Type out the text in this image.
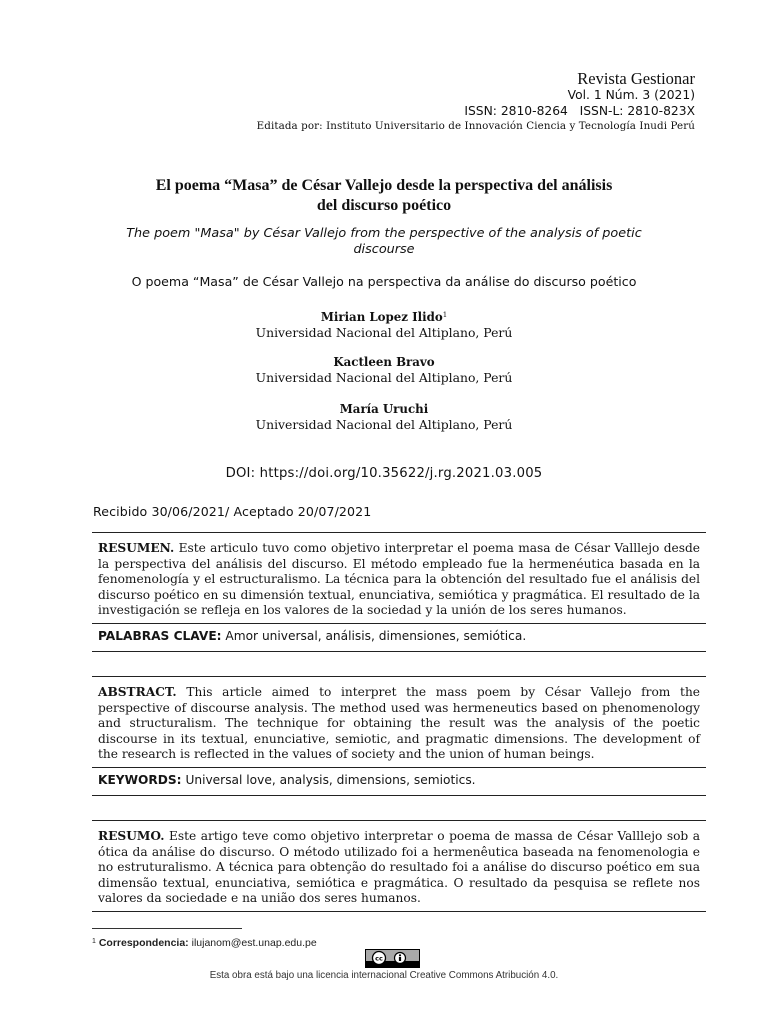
Revista Gestionar
Vol. 1 Núm. 3 (2021)
ISSN: 2810-8264   ISSN-L: 2810-823X
Editada por: Instituto Universitario de Innovación Ciencia y Tecnología Inudi Perú
El poema “Masa” de César Vallejo desde la perspectiva del análisis
del discurso poético
The poem "Masa" by César Vallejo from the perspective of the analysis of poetic
discourse
O poema “Masa” de César Vallejo na perspectiva da análise do discurso poético
Mirian Lopez Ilido$^1$
Universidad Nacional del Altiplano, Perú
Kactleen Bravo
Universidad Nacional del Altiplano, Perú
María Uruchi
Universidad Nacional del Altiplano, Perú
DOI: https://doi.org/10.35622/j.rg.2021.03.005
Recibido 30/06/2021/ Aceptado 20/07/2021

RESUMEN. Este articulo tuvo como objetivo interpretar el poema masa de César Valllejo desde la perspectiva del análisis del discurso. El método empleado fue la hermenéutica basada en la fenomenología y el estructuralismo. La técnica para la obtención del resultado fue el análisis del discurso poético en su dimensión textual, enunciativa, semiótica y pragmática. El resultado de la investigación se refleja en los valores de la sociedad y la unión de los seres humanos.

PALABRAS CLAVE: Amor universal, análisis, dimensiones, semiótica.

ABSTRACT. This article aimed to interpret the mass poem by César Vallejo from the perspective of discourse analysis. The method used was hermeneutics based on phenomenology and structuralism. The technique for obtaining the result was the analysis of the poetic discourse in its textual, enunciative, semiotic, and pragmatic dimensions. The development of the research is reflected in the values of society and the union of human beings.

KEYWORDS: Universal love, analysis, dimensions, semiotics.

RESUMO. Este artigo teve como objetivo interpretar o poema de massa de César Valllejo sob a ótica da análise do discurso. O método utilizado foi a hermenêutica baseada na fenomenologia e no estruturalismo. A técnica para obtenção do resultado foi a análise do discurso poético em sua dimensão textual, enunciativa, semiótica e pragmática. O resultado da pesquisa se reflete nos valores da sociedade e na união dos seres humanos.

$^1$ Correspondencia: ilujanom@est.unap.edu.pe
cc
Esta obra está bajo una licencia internacional Creative Commons Atribución 4.0.
